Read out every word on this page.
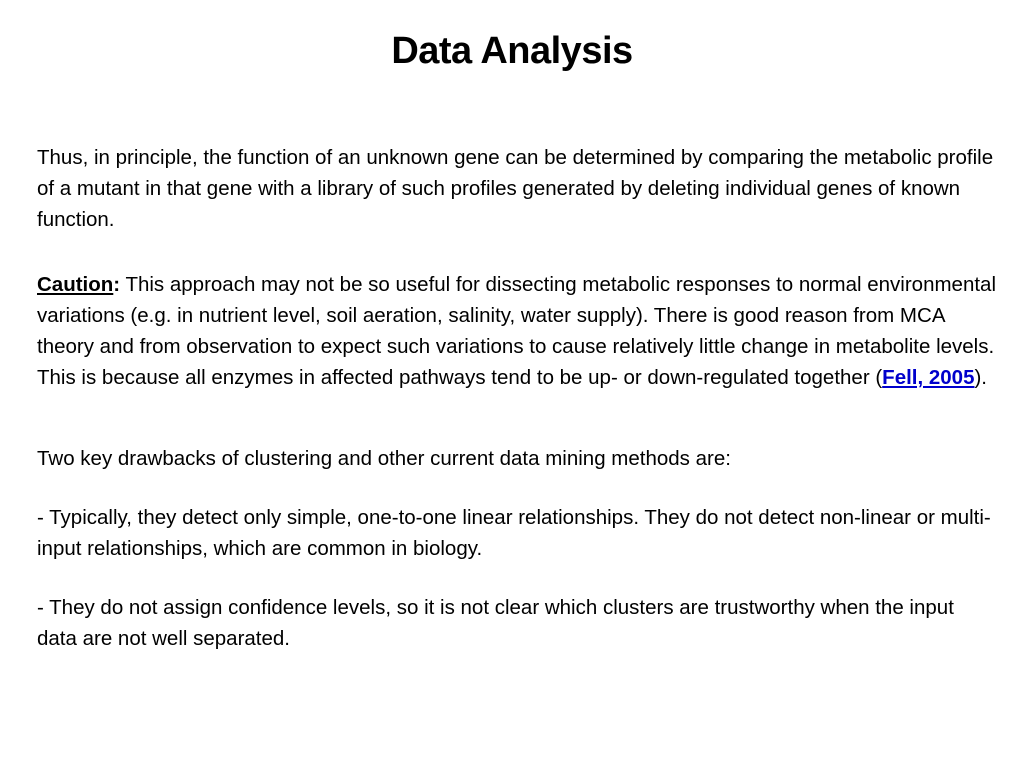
Data Analysis

Thus, in principle, the function of an unknown gene can be determined by comparing the metabolic profile of a mutant in that gene with a library of such profiles generated by deleting individual genes of known function.

Caution: This approach may not be so useful for dissecting metabolic responses to normal environmental variations (e.g. in nutrient level, soil aeration, salinity, water supply). There is good reason from MCA theory and from observation to expect such variations to cause relatively little change in metabolite levels. This is because all enzymes in affected pathways tend to be up- or down-regulated together (Fell, 2005).

Two key drawbacks of clustering and other current data mining methods are:

- Typically, they detect only simple, one-to-one linear relationships. They do not detect non-linear or multi-input relationships, which are common in biology.

- They do not assign confidence levels, so it is not clear which clusters are trustworthy when the input data are not well separated.
